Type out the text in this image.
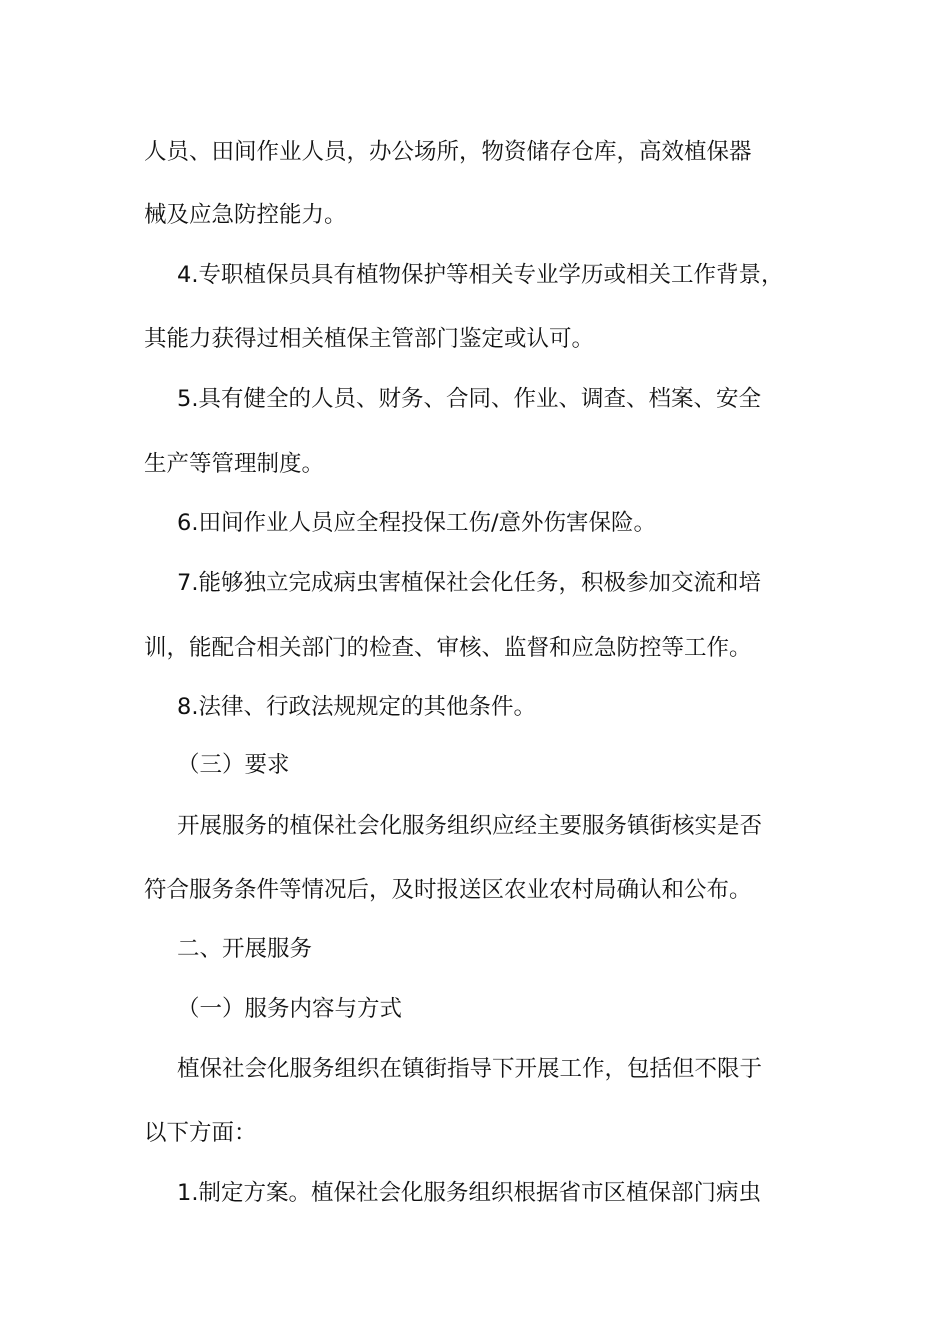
人员、田间作业人员，办公场所，物资储存仓库，高效植保器
械及应急防控能力。
4.专职植保员具有植物保护等相关专业学历或相关工作背景，
其能力获得过相关植保主管部门鉴定或认可。
5.具有健全的人员、财务、合同、作业、调查、档案、安全
生产等管理制度。
6.田间作业人员应全程投保工伤/意外伤害保险。
7.能够独立完成病虫害植保社会化任务，积极参加交流和培
训，能配合相关部门的检查、审核、监督和应急防控等工作。
8.法律、行政法规规定的其他条件。
（三）要求
开展服务的植保社会化服务组织应经主要服务镇街核实是否
符合服务条件等情况后，及时报送区农业农村局确认和公布。
二、开展服务
（一）服务内容与方式
植保社会化服务组织在镇街指导下开展工作，包括但不限于
以下方面：
1.制定方案。植保社会化服务组织根据省市区植保部门病虫
